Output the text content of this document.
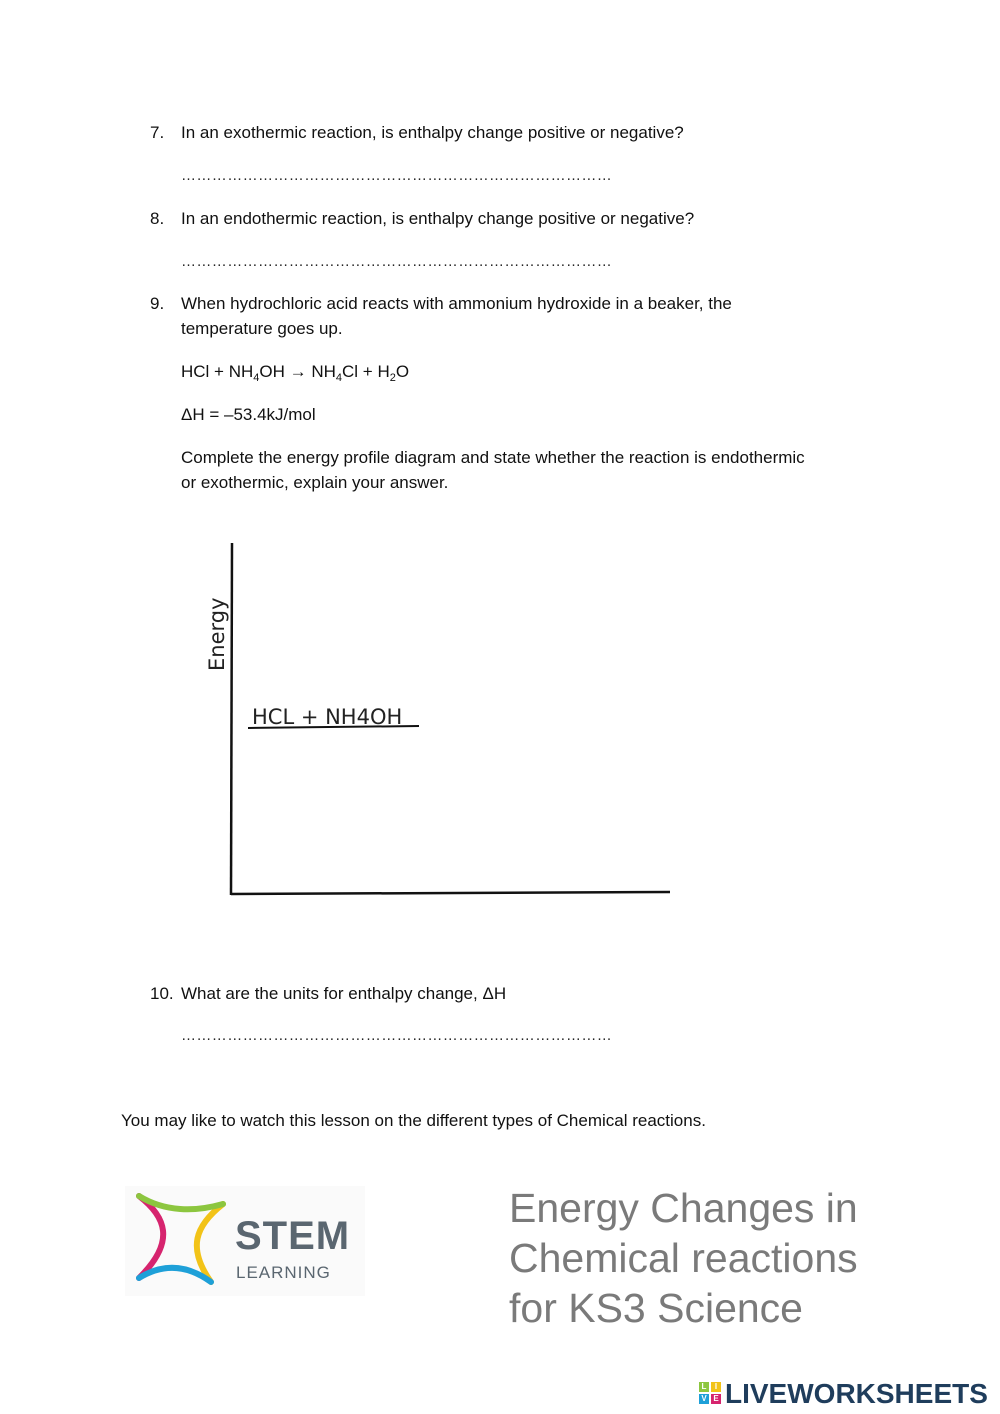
7. In an exothermic reaction, is enthalpy change positive or negative?
…………………………………………………………………………
8. In an endothermic reaction, is enthalpy change positive or negative?
…………………………………………………………………………
9. When hydrochloric acid reacts with ammonium hydroxide in a beaker, the
temperature goes up.
HCl + $NH_4OH \to NH_4Cl + H_2O$
ΔH = –53.4kJ/mol
Complete the energy profile diagram and state whether the reaction is endothermic
or exothermic, explain your answer.
Energy
HCL + NH4OH
10. What are the units for enthalpy change, ΔH
…………………………………………………………………………
You may like to watch this lesson on the different types of Chemical reactions.
STEM
LEARNING
Energy Changes in
Chemical reactions
for KS3 Science
L	I
V E LIVEWORKSHEETS
